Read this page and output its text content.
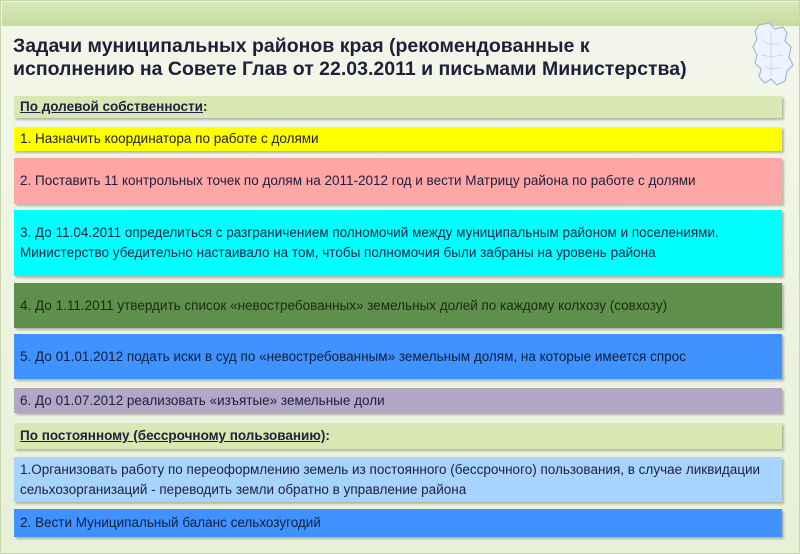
Задачи муниципальных районов края (рекомендованные к
исполнению на Совете Глав от 22.03.2011 и письмами Министерства)
По долевой собственности :
1. Назначить координатора по работе с долями
2. Поставить 11 контрольных точек по долям на 2011-2012 год и вести Матрицу района по работе с долями
3. До 11.04.2011 определиться с разграничением полномочий между муниципальным районом и поселениями. Министерство убедительно настаивало на том, чтобы полномочия были забраны на уровень района
4. До 1.11.2011 утвердить список «невостребованных» земельных долей по каждому колхозу (совхозу)
5. До 01.01.2012 подать иски в суд по «невостребованным» земельным долям, на которые имеется спрос
6. До 01.07.2012 реализовать «изъятые» земельные доли
По постоянному (бессрочному пользованию) :
1.Организовать работу по переоформлению земель из постоянного (бессрочного) пользования, в случае ликвидации сельхозорганизаций - переводить земли обратно в управление района
2. Вести Муниципальный баланс сельхозугодий
